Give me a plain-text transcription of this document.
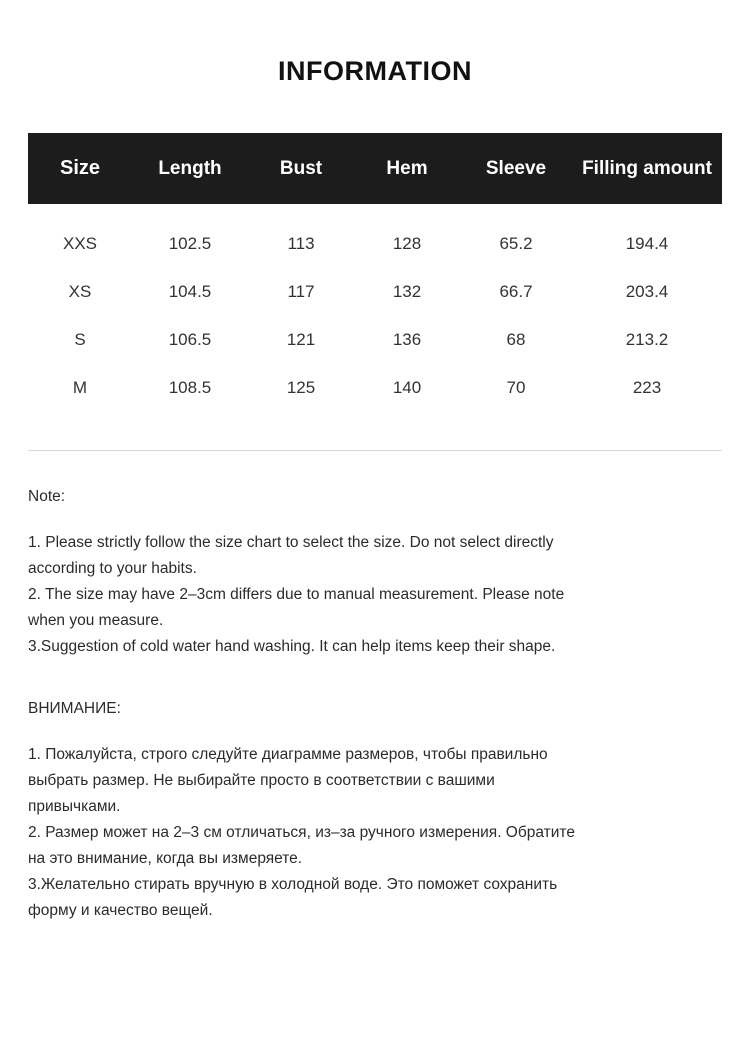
INFORMATION
Size	Length	Bust	Hem	Sleeve	Filling amount
XXS	102.5	113	128	65.2	194.4
XS	104.5	117	132	66.7	203.4
S	106.5	121	136	68	213.2
M	108.5	125	140	70	223

Note:

1. Please strictly follow the size chart to select the size. Do not select directly

according to your habits.

2. The size may have 2–3cm differs due to manual measurement. Please note

when you measure.

3.Suggestion of cold water hand washing. It can help items keep their shape.

ВНИМАНИЕ:

1. Пожалуйста, строго следуйте диаграмме размеров, чтобы правильно

выбрать размер. Не выбирайте просто в соответствии с вашими

привычками.

2. Размер может на 2–3 см отличаться, из–за ручного измерения. Обратите

на это внимание, когда вы измеряете.

3.Желательно стирать вручную в холодной воде. Это поможет сохранить

форму и качество вещей.
